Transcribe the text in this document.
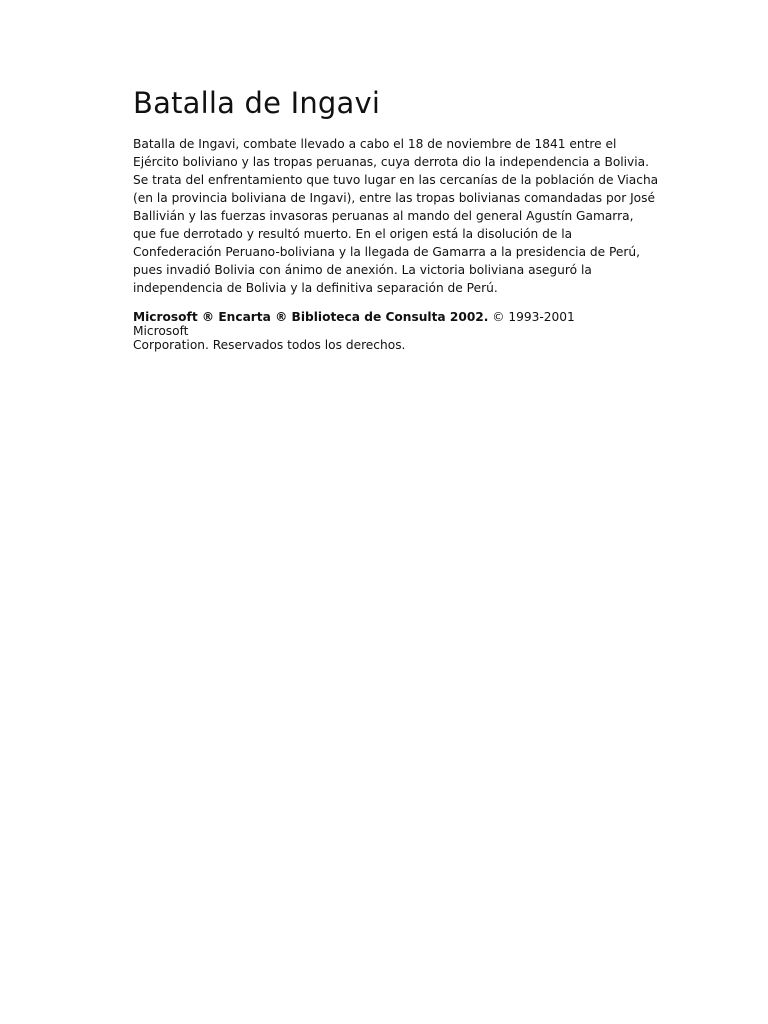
Batalla de Ingavi
Batalla de Ingavi, combate llevado a cabo el 18 de noviembre de 1841 entre el
Ejército boliviano y las tropas peruanas, cuya derrota dio la independencia a Bolivia.
Se trata del enfrentamiento que tuvo lugar en las cercanías de la población de Viacha
(en la provincia boliviana de Ingavi), entre las tropas bolivianas comandadas por José
Ballivián y las fuerzas invasoras peruanas al mando del general Agustín Gamarra,
que fue derrotado y resultó muerto. En el origen está la disolución de la
Confederación Peruano-boliviana y la llegada de Gamarra a la presidencia de Perú,
pues invadió Bolivia con ánimo de anexión. La victoria boliviana aseguró la
independencia de Bolivia y la definitiva separación de Perú.
Microsoft ® Encarta ® Biblioteca de Consulta 2002. © 1993-2001 Microsoft
Corporation. Reservados todos los derechos.
